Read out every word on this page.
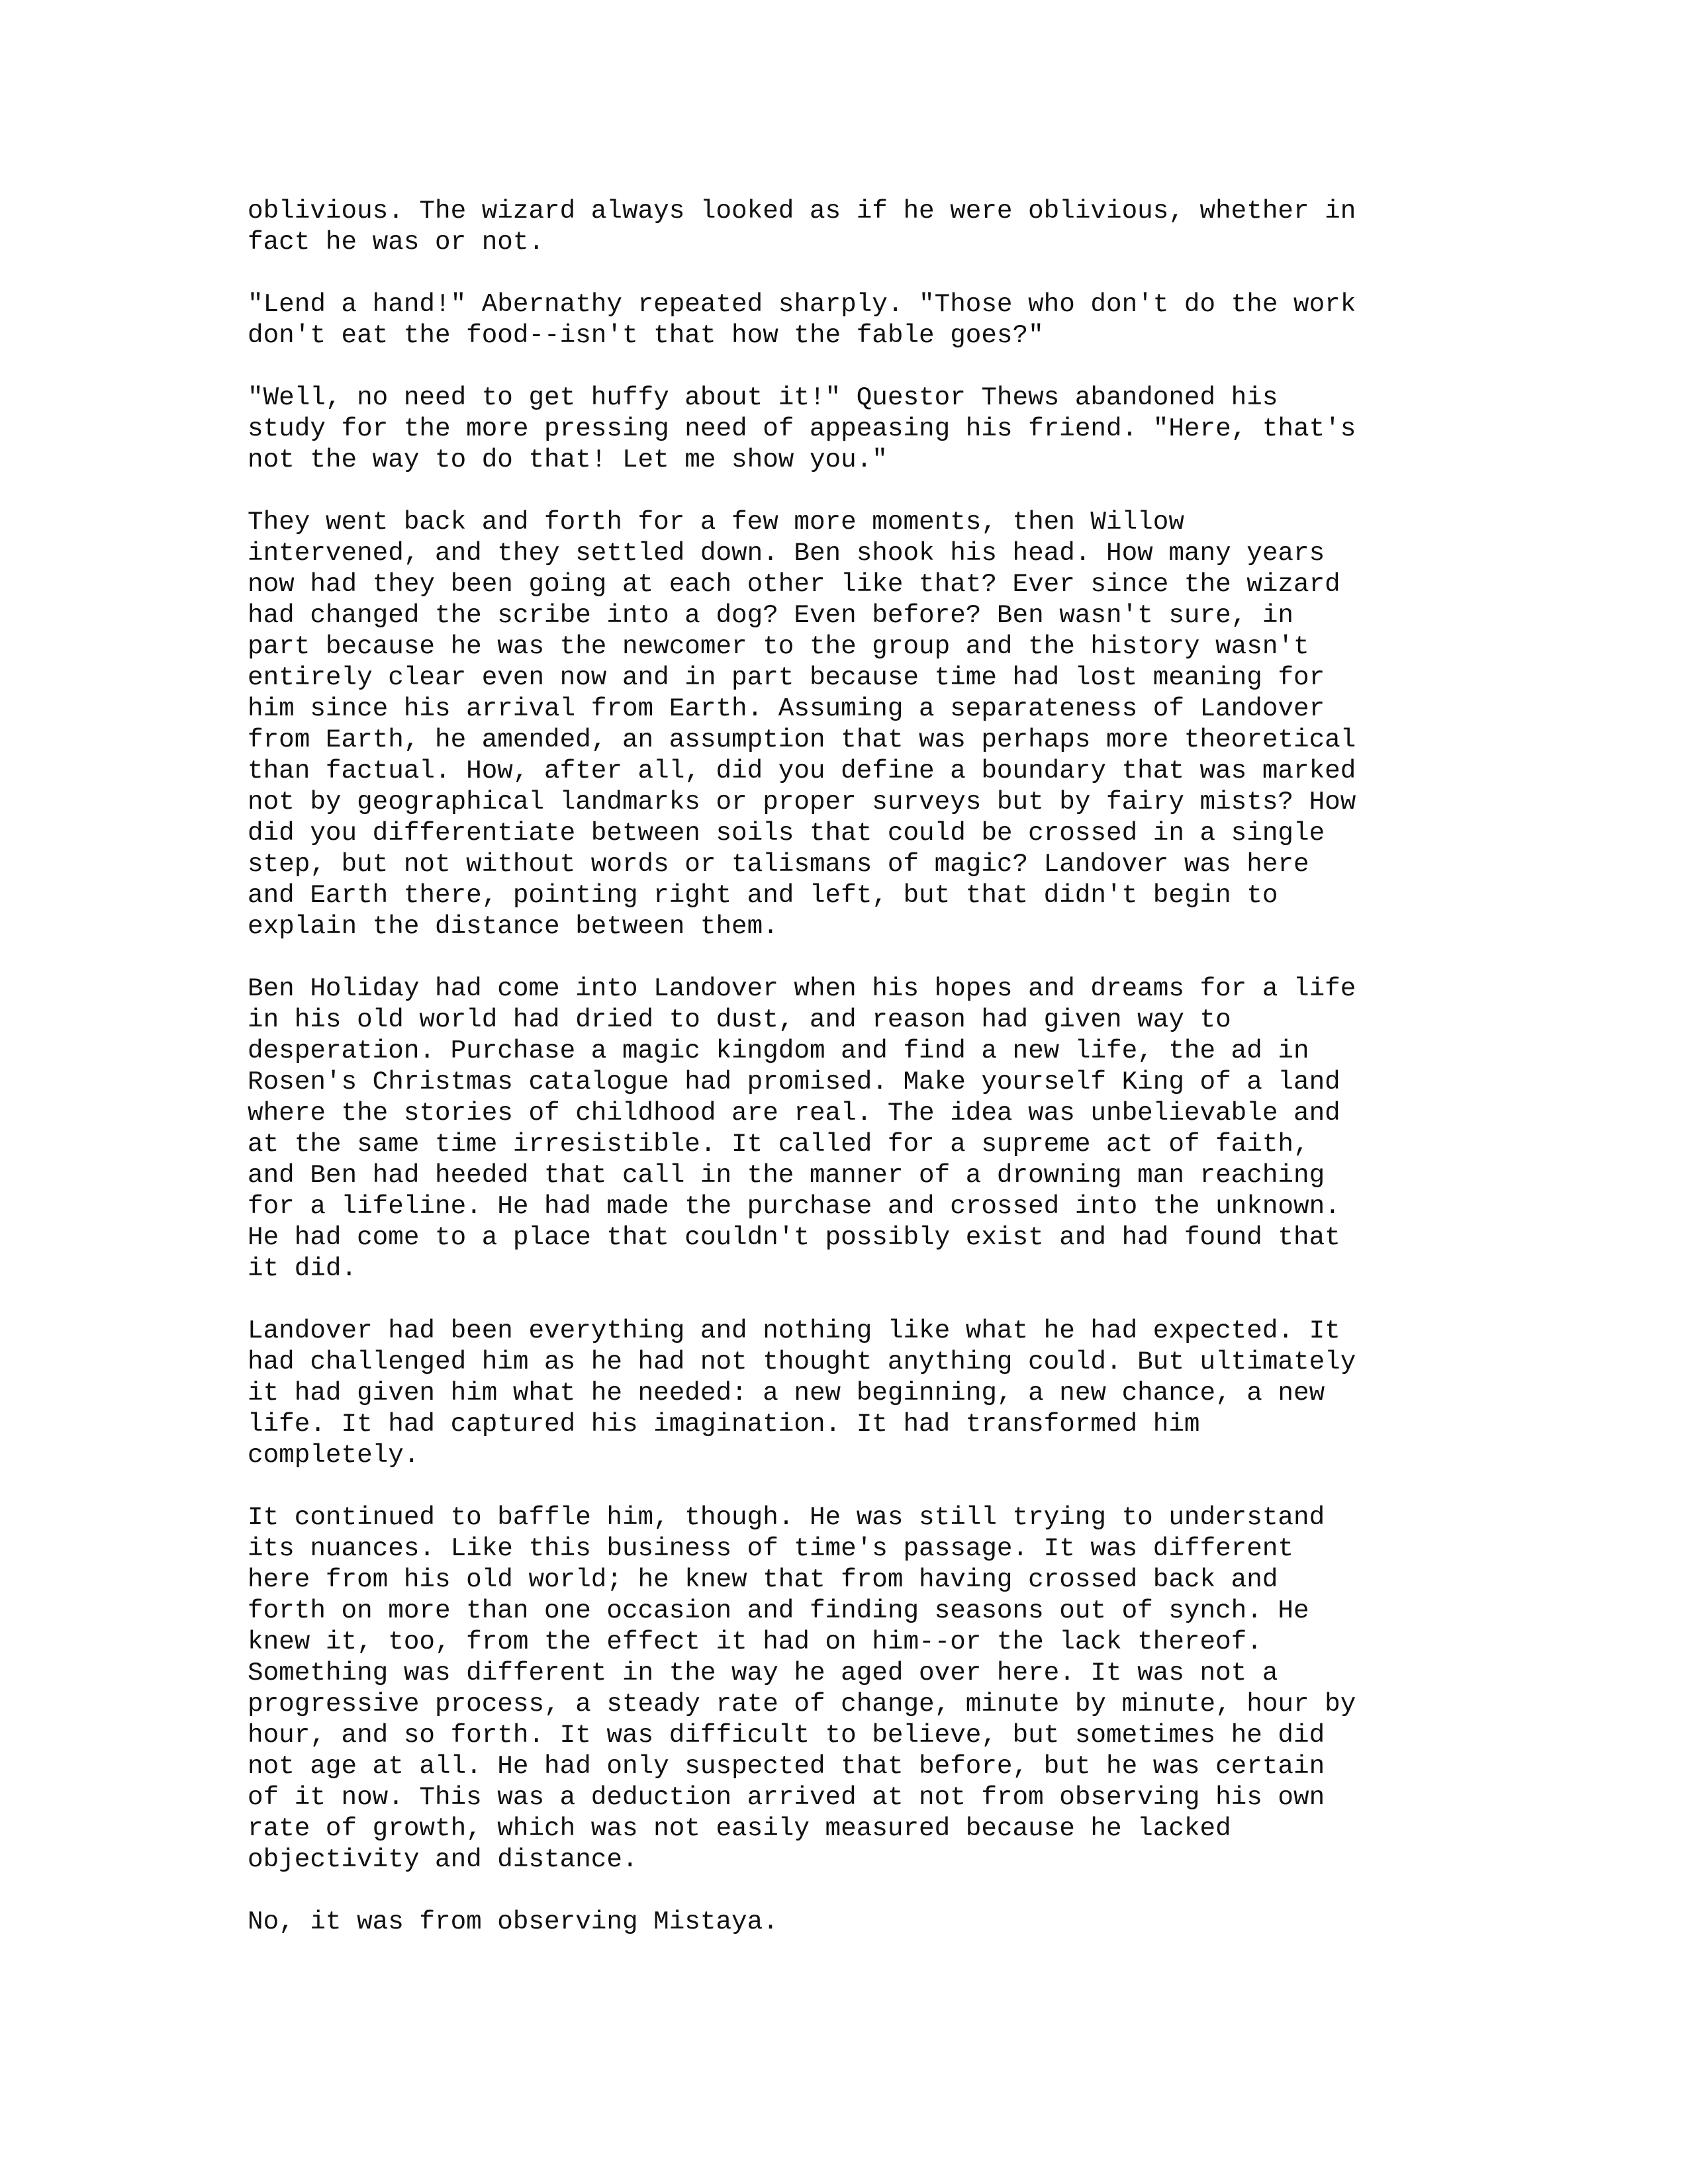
oblivious. The wizard always looked as if he were oblivious, whether in
fact he was or not.

"Lend a hand!" Abernathy repeated sharply. "Those who don't do the work
don't eat the food--isn't that how the fable goes?"

"Well, no need to get huffy about it!" Questor Thews abandoned his
study for the more pressing need of appeasing his friend. "Here, that's
not the way to do that! Let me show you."

They went back and forth for a few more moments, then Willow
intervened, and they settled down. Ben shook his head. How many years
now had they been going at each other like that? Ever since the wizard
had changed the scribe into a dog? Even before? Ben wasn't sure, in
part because he was the newcomer to the group and the history wasn't
entirely clear even now and in part because time had lost meaning for
him since his arrival from Earth. Assuming a separateness of Landover
from Earth, he amended, an assumption that was perhaps more theoretical
than factual. How, after all, did you define a boundary that was marked
not by geographical landmarks or proper surveys but by fairy mists? How
did you differentiate between soils that could be crossed in a single
step, but not without words or talismans of magic? Landover was here
and Earth there, pointing right and left, but that didn't begin to
explain the distance between them.

Ben Holiday had come into Landover when his hopes and dreams for a life
in his old world had dried to dust, and reason had given way to
desperation. Purchase a magic kingdom and find a new life, the ad in
Rosen's Christmas catalogue had promised. Make yourself King of a land
where the stories of childhood are real. The idea was unbelievable and
at the same time irresistible. It called for a supreme act of faith,
and Ben had heeded that call in the manner of a drowning man reaching
for a lifeline. He had made the purchase and crossed into the unknown.
He had come to a place that couldn't possibly exist and had found that
it did.

Landover had been everything and nothing like what he had expected. It
had challenged him as he had not thought anything could. But ultimately
it had given him what he needed: a new beginning, a new chance, a new
life. It had captured his imagination. It had transformed him
completely.

It continued to baffle him, though. He was still trying to understand
its nuances. Like this business of time's passage. It was different
here from his old world; he knew that from having crossed back and
forth on more than one occasion and finding seasons out of synch. He
knew it, too, from the effect it had on him--or the lack thereof.
Something was different in the way he aged over here. It was not a
progressive process, a steady rate of change, minute by minute, hour by
hour, and so forth. It was difficult to believe, but sometimes he did
not age at all. He had only suspected that before, but he was certain
of it now. This was a deduction arrived at not from observing his own
rate of growth, which was not easily measured because he lacked
objectivity and distance.

No, it was from observing Mistaya.
